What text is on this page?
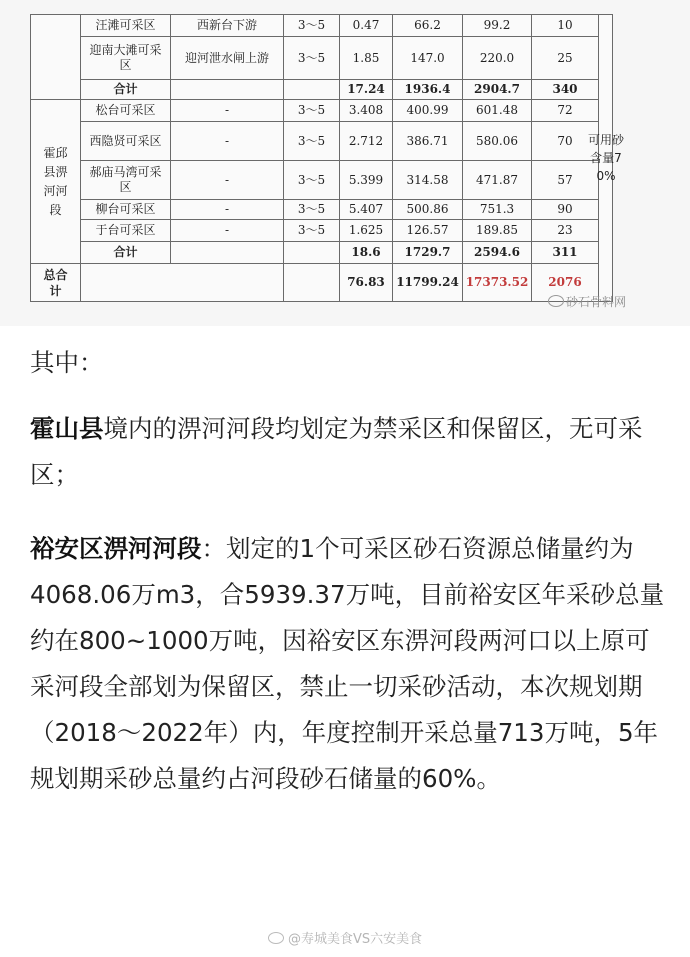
	汪滩可采区	西新台下游	3～5	0.47	66.2	99.2	10	可用砂含量70%

	迎南大滩可采区	迎河泄水闸上游	3～5	1.85	147.0	220.0	25	
	合计			17.24	1936.4	2904.7	340	

霍邱县淠河河段	松台可采区	-	3～5	3.408	400.99	601.48	72	
	西隐贤可采区	-	3～5	2.712	386.71	580.06	70	
	郝庙马湾可采区	-	3～5	5.399	314.58	471.87	57	
	柳台可采区	-	3～5	5.407	500.86	751.3	90	
	于台可采区	-	3～5	1.625	126.57	189.85	23	
	合计			18.6	1729.7	2594.6	311	

总合计				76.83	11799.24	17373.52	2076	
砂石骨料网

其中：

霍山县境内的淠河河段均划定为禁采区和保留区，无可采区；

裕安区淠河河段：划定的1个可采区砂石资源总储量约为4068.06万m3，合5939.37万吨，目前裕安区年采砂总量约在800~1000万吨，因裕安区东淠河段两河口以上原可采河段全部划为保留区，禁止一切采砂活动，本次规划期（2018～2022年）内，年度控制开采总量713万吨，5年规划期采砂总量约占河段砂石储量的60%。

@寿城美食VS六安美食
